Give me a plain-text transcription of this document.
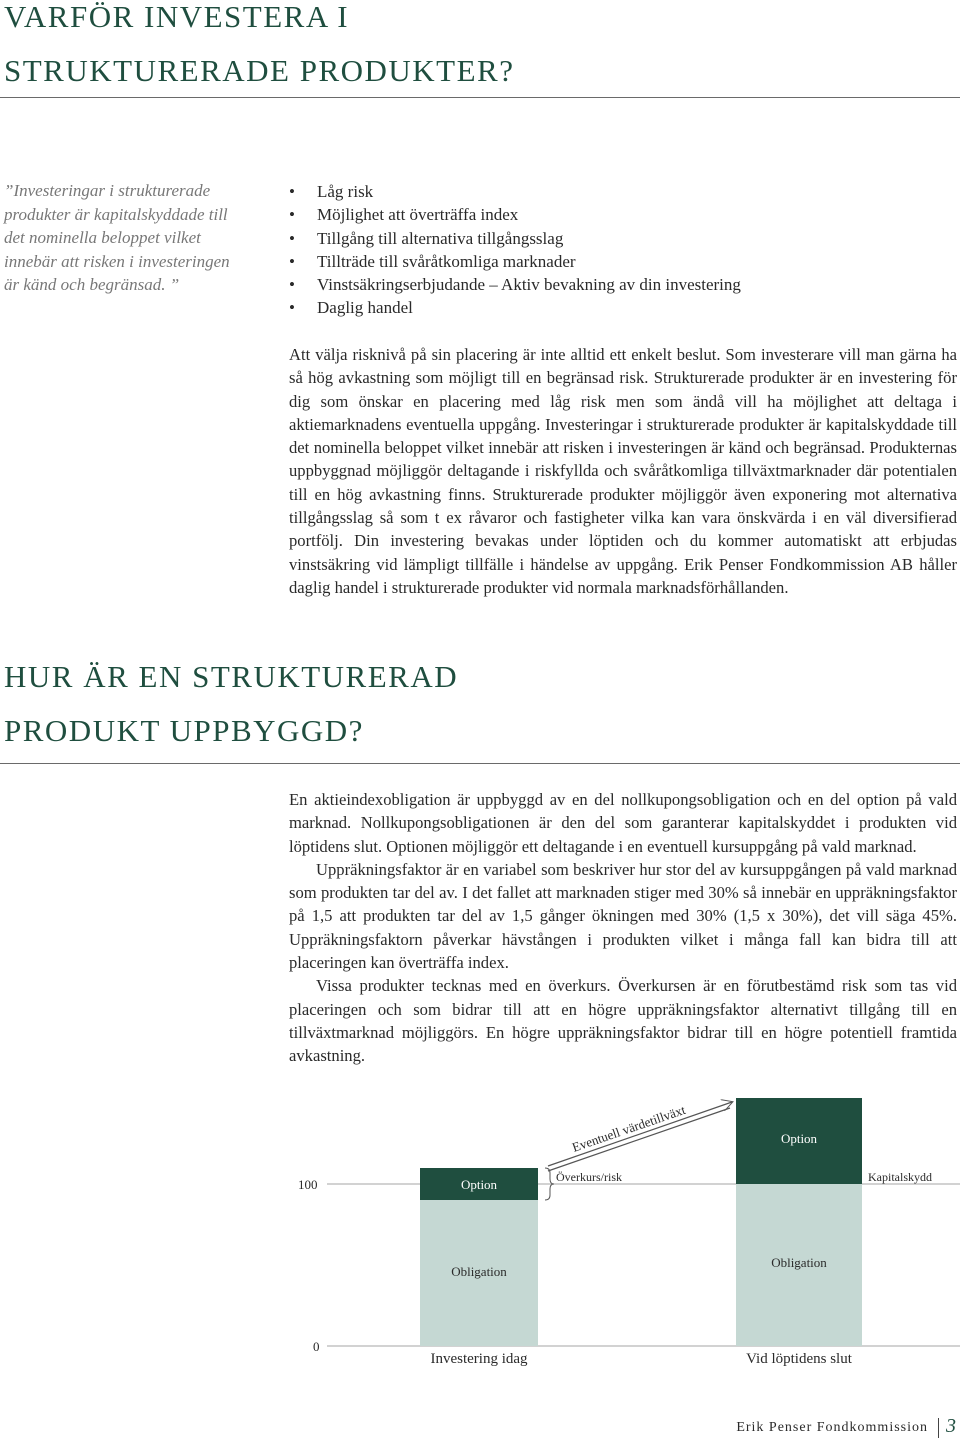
VARFÖR INVESTERA I
STRUKTURERADE PRODUKTER?
”Investeringar i strukturerade produkter är kapitalskyddade till det nominella beloppet vilket innebär att risken i investeringen är känd och begränsad. ”
• Låg risk
• Möjlighet att överträffa index
• Tillgång till alternativa tillgångsslag
• Tillträde till svåråtkomliga marknader
• Vinstsäkringserbjudande – Aktiv bevakning av din investering
• Daglig handel

Att välja risknivå på sin placering är inte alltid ett enkelt beslut. Som investerare vill man gärna ha så hög avkastning som möjligt till en begränsad risk. Strukturerade produkter är en investering för dig som önskar en placering med låg risk men som ändå vill ha möjlighet att deltaga i aktiemarknadens eventuella uppgång. Investeringar i strukturerade produkter är kapitalskyddade till det nominella beloppet vilket innebär att risken i investeringen är känd och begränsad. Produkternas uppbyggnad möjliggör deltagande i riskfyllda och svåråtkomliga tillväxtmarknader där potentialen till en hög avkastning finns. Strukturerade produkter möjliggör även exponering mot alternativa tillgångsslag så som t ex råvaror och fastigheter vilka kan vara önskvärda i en väl diversifierad portfölj. Din investering bevakas under löptiden och du kommer automatiskt att erbjudas vinstsäkring vid lämpligt tillfälle i händelse av uppgång. Erik Penser Fondkommission AB håller daglig handel i strukturerade produkter vid normala marknadsförhållanden.

HUR ÄR EN STRUKTURERAD
PRODUKT UPPBYGGD?

En aktieindexobligation är uppbyggd av en del nollkupongsobligation och en del option på vald marknad. Nollkupongsobligationen är den del som garanterar kapitalskyddet i produkten vid löptidens slut. Optionen möjliggör ett deltagande i en eventuell kursuppgång på vald marknad.

Uppräkningsfaktor är en variabel som beskriver hur stor del av kursuppgången på vald marknad som produkten tar del av. I det fallet att marknaden stiger med 30% så innebär en uppräkningsfaktor på 1,5 att produkten tar del av 1,5 gånger ökningen med 30% (1,5 x 30%), det vill säga 45%. Uppräkningsfaktorn påverkar hävstången i produkten vilket i många fall kan bidra till att placeringen kan överträffa index.

Vissa produkter tecknas med en överkurs. Överkursen är en förutbestämd risk som tas vid placeringen och som bidrar till att en högre uppräkningsfaktor alternativt tillgång till en tillväxtmarknad möjliggörs. En högre uppräkningsfaktor bidrar till en högre potentiell framtida avkastning.

100
0
Option
Obligation
Investering idag
Option
Obligation
Vid löptidens slut
Överkurs/risk	Kapitalskydd
Eventuell värdetillväxt
Erik Penser Fondkommission 3
